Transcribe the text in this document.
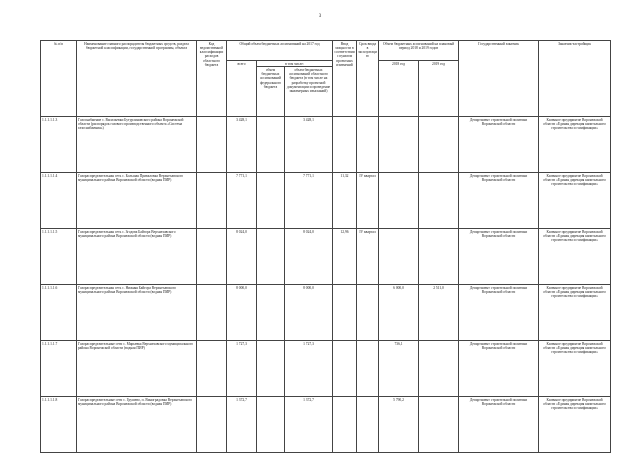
3
№ п/п	Наименование главного распорядителя бюджетных средств, раздела бюджетной классификации, государственной программы, объекта	Код ведомственной классификации расходов областного бюджета	Общий объем бюджетных ассигнований на 2017 год			Ввод мощности в соответствии с пунктом проектных изменений	Срок ввода в эксплуатацию	Объем бюджетных ассигнований на плановый период 2018 и 2019 годов		Государственный заказчик	Заказчик-застройщик
			всего	в том числе:				2018 год	2019 год		
				объем бюджетных ассигнований федерального бюджета	объем бюджетных ассигнований областного бюджета (в том числе на разработку проектной документации и проведение инженерных изысканий)						
1.1.1.1.1.3	Газоснабжение с. Васильевки Бутурлиновского района Воронежской области (распорядок газового производственного объекта «Система газоснабжения»)		3 428,1		3 428,1					Департамент строительной политики Воронежской области	Казенное предприятие Воронежской области «Единая дирекция капитального строительства и газификации»
1.1.1.1.1.4	Газораспределительная сеть с. Большая Приваловка Верхнехавского муниципального района Воронежской области (водная ПИР)		7 771,1		7 771,1	11,32	IV квартал			Департамент строительной политики Воронежской области	Казенное предприятие Воронежской области «Единая дирекция капитального строительства и газификации»
1.1.1.1.1.5	Газораспределительная сеть с. Згодова Байгора Верхнехавского муниципального района Воронежской области (водная ПИР)		8 024,0		8 024,0	12,96	IV квартал			Департамент строительной политики Воронежской области	Казенное предприятие Воронежской области «Единая дирекция капитального строительства и газификации»
1.1.1.1.1.6	Газораспределительная сеть с. Нижняя Байгора Верхнехавского муниципального района Воронежской области (водная ПИР)		8 000,0		8 000,0			6 000,0	2 511,0	Департамент строительной политики Воронежской области	Казенное предприятие Воронежской области «Единая дирекция капитального строительства и газификации»
1.1.1.1.1.7	Газораспределительные сети с. Марьевка Верхнехавского муниципального района Воронежской области (водная ПИР)		1 727,3		1 727,3			736,1		Департамент строительной политики Воронежской области	Казенное предприятие Воронежской области «Единая дирекция капитального строительства и газификации»
1.1.1.1.1.8	Газораспределительные сети с. Грушево, п. Виноградовка Верхнехавского муниципального района Воронежской области (водная ПИР)		1 372,7		1 372,7			5 790,2		Департамент строительной политики Воронежской области	Казенное предприятие Воронежской области «Единая дирекция капитального строительства и газификации»
